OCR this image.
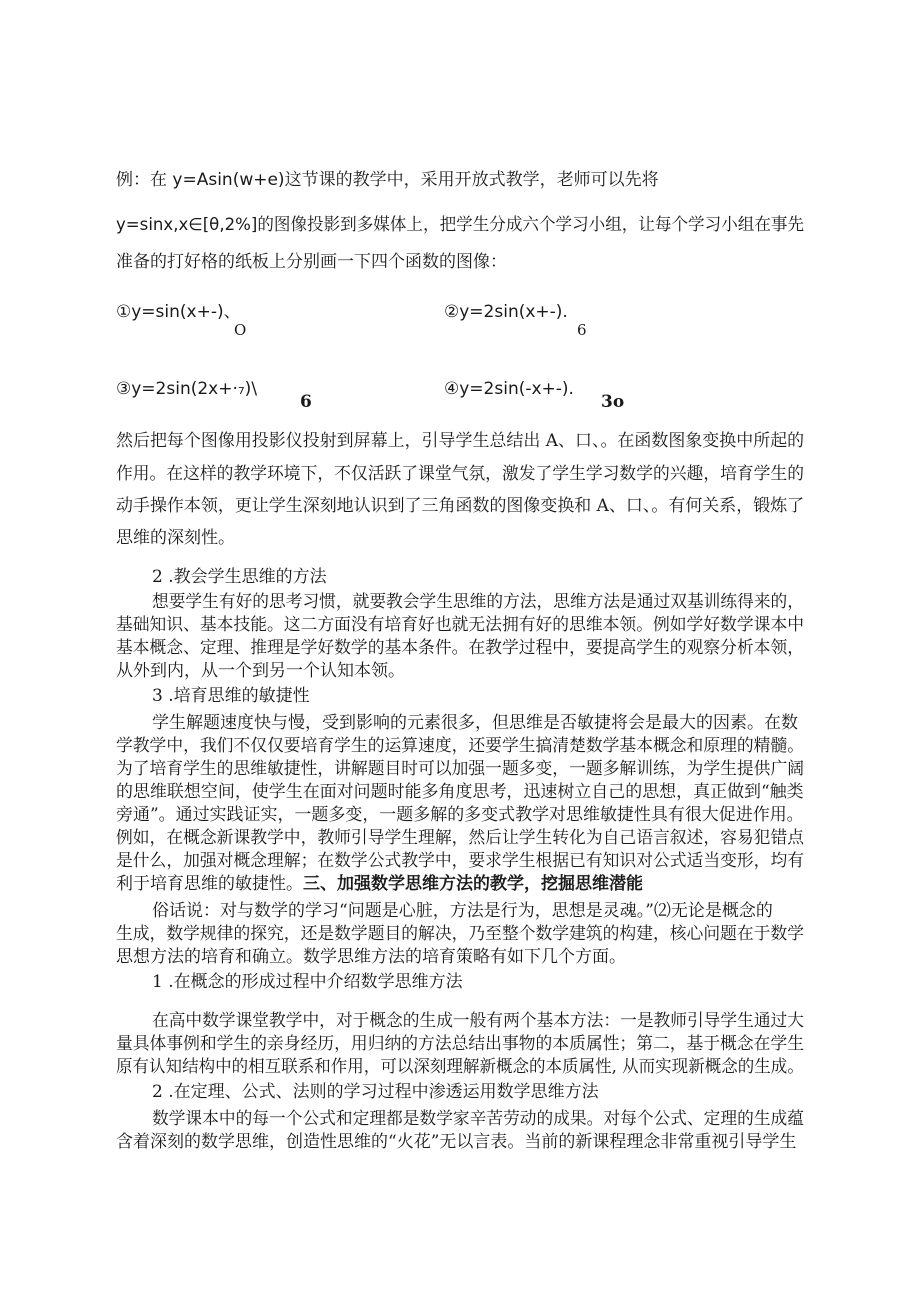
例：在 y=Asin(w+e)这节课的教学中，采用开放式教学，老师可以先将
y=sinx,x∈[θ,2%]的图像投影到多媒体上，把学生分成六个学习小组，让每个学习小组在事先
准备的打好格的纸板上分别画一下四个函数的图像：
①y=sin(x+-)、
O
②y=2sin(x+-).
6
③y=2sin(2x+·₇)\
6
④y=2sin(-x+-).
3o
然后把每个图像用投影仪投射到屏幕上，引导学生总结出 A、口、。在函数图象变换中所起的
作用。在这样的教学环境下，不仅活跃了课堂气氛，激发了学生学习数学的兴趣，培育学生的
动手操作本领，更让学生深刻地认识到了三角函数的图像变换和 A、口、。有何关系，锻炼了
思维的深刻性。
2 .教会学生思维的方法
想要学生有好的思考习惯，就要教会学生思维的方法，思维方法是通过双基训练得来的，
基础知识、基本技能。这二方面没有培育好也就无法拥有好的思维本领。例如学好数学课本中
基本概念、定理、推理是学好数学的基本条件。在教学过程中，要提高学生的观察分析本领，
从外到内，从一个到另一个认知本领。
3 .培育思维的敏捷性
学生解题速度快与慢，受到影响的元素很多，但思维是否敏捷将会是最大的因素。在数
学教学中，我们不仅仅要培育学生的运算速度，还要学生搞清楚数学基本概念和原理的精髓。
为了培育学生的思维敏捷性，讲解题目时可以加强一题多变，一题多解训练，为学生提供广阔
的思维联想空间，使学生在面对问题时能多角度思考，迅速树立自己的思想，真正做到“触类
旁通”。通过实践证实，一题多变，一题多解的多变式教学对思维敏捷性具有很大促进作用。
例如，在概念新课教学中，教师引导学生理解，然后让学生转化为自己语言叙述，容易犯错点
是什么，加强对概念理解；在数学公式教学中，要求学生根据已有知识对公式适当变形，均有
利于培育思维的敏捷性。三、加强数学思维方法的教学，挖掘思维潜能
俗话说：对与数学的学习“问题是心脏，方法是行为，思想是灵魂。”⑵无论是概念的
生成，数学规律的探究，还是数学题目的解决，乃至整个数学建筑的构建，核心问题在于数学
思想方法的培育和确立。数学思维方法的培育策略有如下几个方面。
1 .在概念的形成过程中介绍数学思维方法
在高中数学课堂教学中，对于概念的生成一般有两个基本方法：一是教师引导学生通过大
量具体事例和学生的亲身经历，用归纳的方法总结出事物的本质属性；第二，基于概念在学生
原有认知结构中的相互联系和作用，可以深刻理解新概念的本质属性, 从而实现新概念的生成。
2 .在定理、公式、法则的学习过程中渗透运用数学思维方法
数学课本中的每一个公式和定理都是数学家辛苦劳动的成果。对每个公式、定理的生成蕴
含着深刻的数学思维，创造性思维的“火花”无以言表。当前的新课程理念非常重视引导学生
